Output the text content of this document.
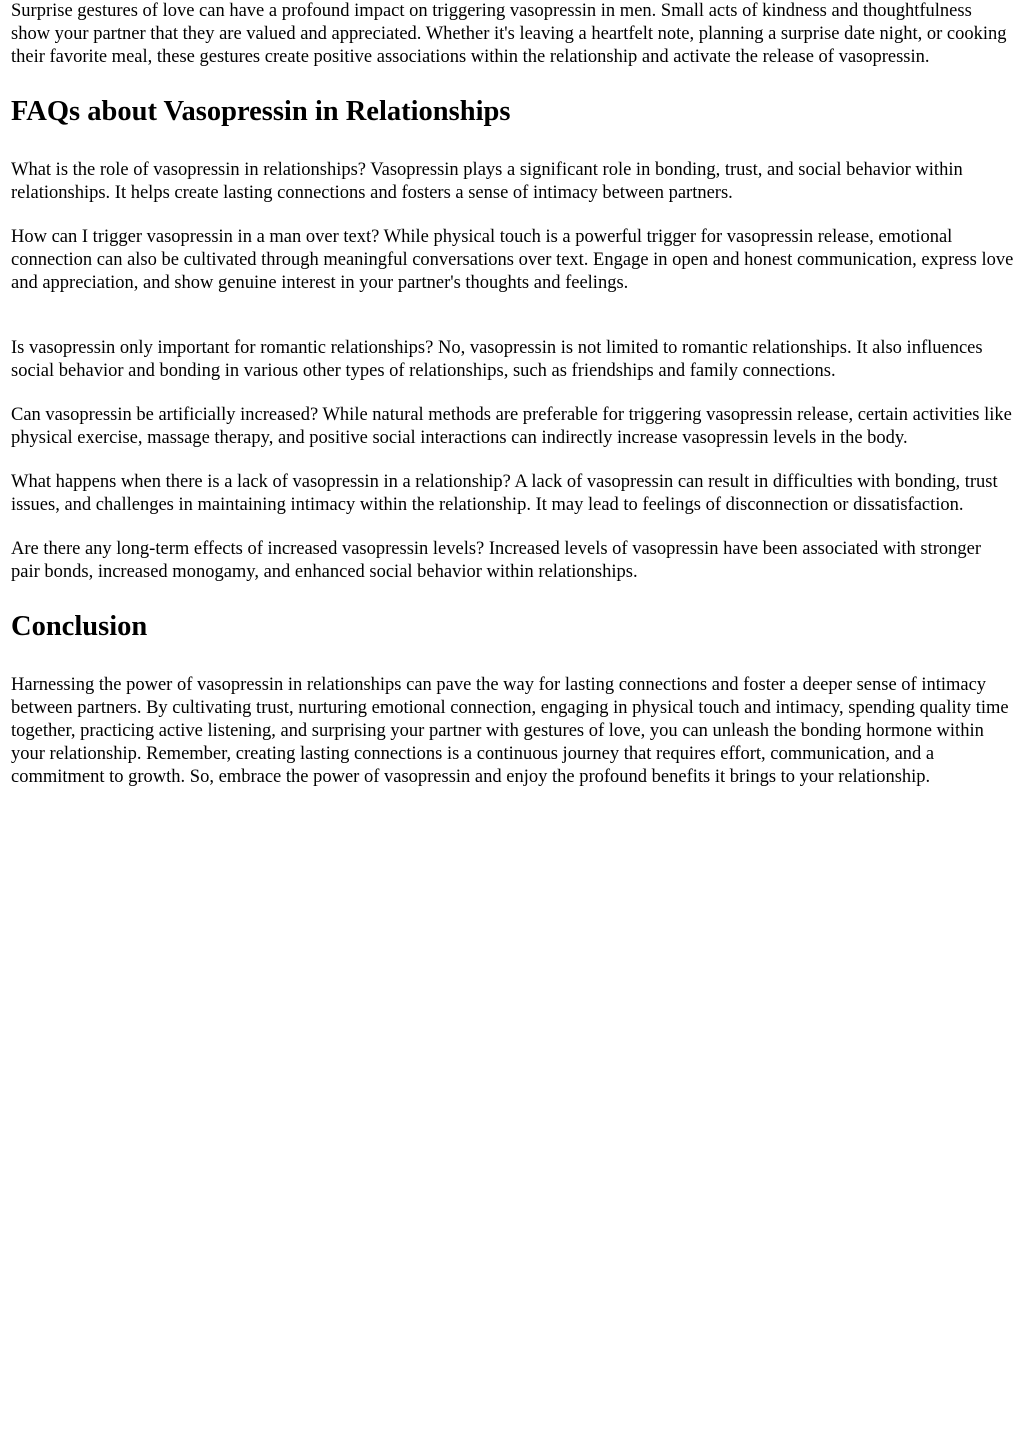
Surprise gestures of love can have a profound impact on triggering vasopressin in men. Small acts of kindness and thoughtfulness show your partner that they are valued and appreciated. Whether it's leaving a heartfelt note, planning a surprise date night, or cooking their favorite meal, these gestures create positive associations within the relationship and activate the release of vasopressin.

FAQs about Vasopressin in Relationships

What is the role of vasopressin in relationships? Vasopressin plays a significant role in bonding, trust, and social behavior within relationships. It helps create lasting connections and fosters a sense of intimacy between partners.

How can I trigger vasopressin in a man over text? While physical touch is a powerful trigger for vasopressin release, emotional connection can also be cultivated through meaningful conversations over text. Engage in open and honest communication, express love and appreciation, and show genuine interest in your partner's thoughts and feelings.

Is vasopressin only important for romantic relationships? No, vasopressin is not limited to romantic relationships. It also influences social behavior and bonding in various other types of relationships, such as friendships and family connections.

Can vasopressin be artificially increased? While natural methods are preferable for triggering vasopressin release, certain activities like physical exercise, massage therapy, and positive social interactions can indirectly increase vasopressin levels in the body.

What happens when there is a lack of vasopressin in a relationship? A lack of vasopressin can result in difficulties with bonding, trust issues, and challenges in maintaining intimacy within the relationship. It may lead to feelings of disconnection or dissatisfaction.

Are there any long-term effects of increased vasopressin levels? Increased levels of vasopressin have been associated with stronger pair bonds, increased monogamy, and enhanced social behavior within relationships.

Conclusion

Harnessing the power of vasopressin in relationships can pave the way for lasting connections and foster a deeper sense of intimacy between partners. By cultivating trust, nurturing emotional connection, engaging in physical touch and intimacy, spending quality time together, practicing active listening, and surprising your partner with gestures of love, you can unleash the bonding hormone within your relationship. Remember, creating lasting connections is a continuous journey that requires effort, communication, and a commitment to growth. So, embrace the power of vasopressin and enjoy the profound benefits it brings to your relationship.
